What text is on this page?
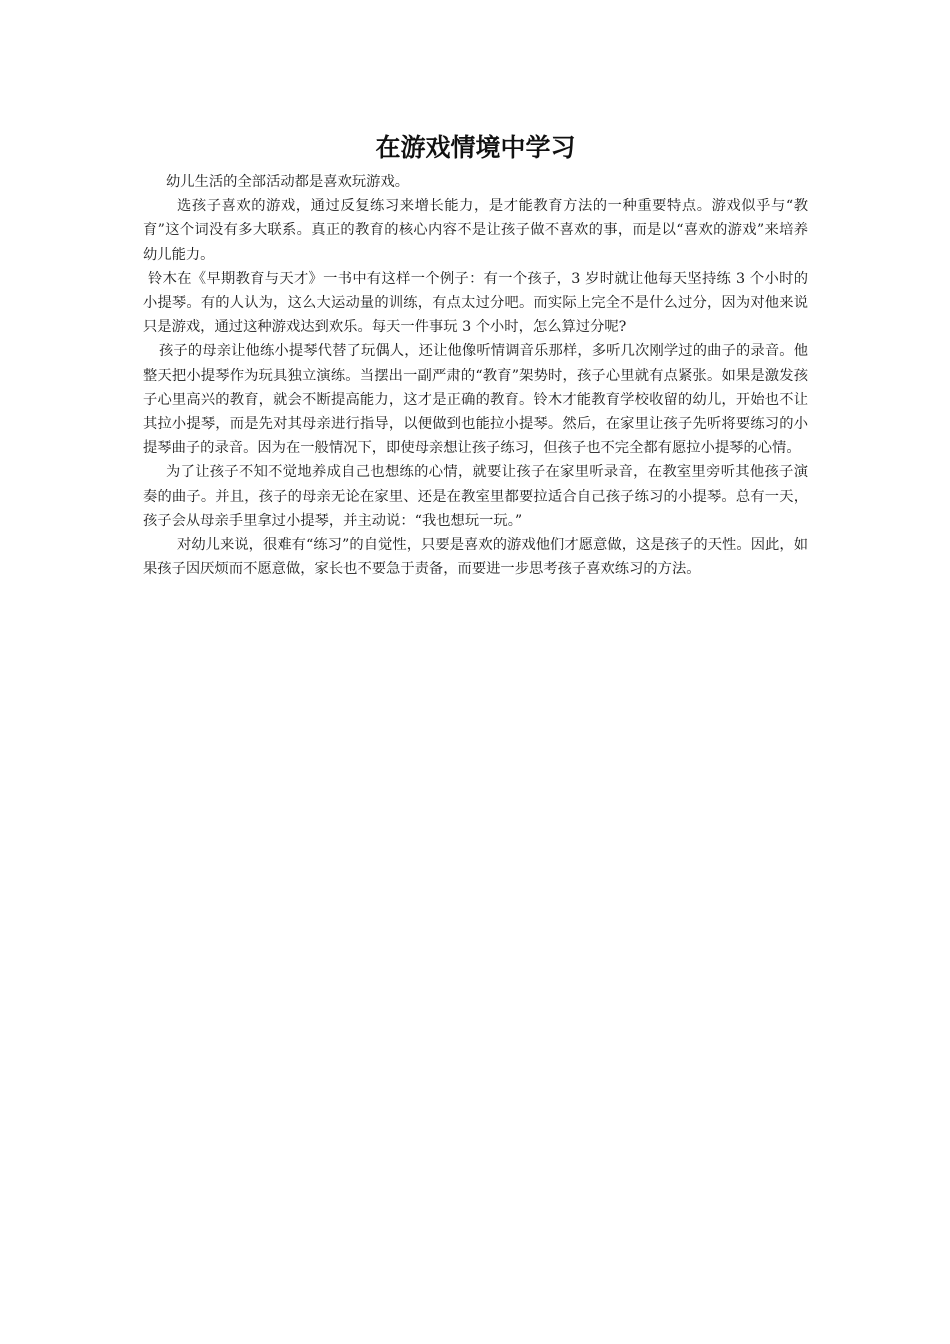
在游戏情境中学习

幼儿生活的全部活动都是喜欢玩游戏。

选孩子喜欢的游戏，通过反复练习来增长能力，是才能教育方法的一种重要特点。游戏似乎与“教育”这个词没有多大联系。真正的教育的核心内容不是让孩子做不喜欢的事，而是以“喜欢的游戏”来培养幼儿能力。

铃木在《早期教育与天才》一书中有这样一个例子：有一个孩子，3 岁时就让他每天坚持练 3 个小时的小提琴。有的人认为，这么大运动量的训练，有点太过分吧。而实际上完全不是什么过分，因为对他来说只是游戏，通过这种游戏达到欢乐。每天一件事玩 3 个小时，怎么算过分呢?

孩子的母亲让他练小提琴代替了玩偶人，还让他像听情调音乐那样，多听几次刚学过的曲子的录音。他整天把小提琴作为玩具独立演练。当摆出一副严肃的“教育”架势时，孩子心里就有点紧张。如果是激发孩子心里高兴的教育，就会不断提高能力，这才是正确的教育。铃木才能教育学校收留的幼儿，开始也不让其拉小提琴，而是先对其母亲进行指导，以便做到也能拉小提琴。然后，在家里让孩子先听将要练习的小提琴曲子的录音。因为在一般情况下，即使母亲想让孩子练习，但孩子也不完全都有愿拉小提琴的心情。

为了让孩子不知不觉地养成自己也想练的心情，就要让孩子在家里听录音，在教室里旁听其他孩子演奏的曲子。并且，孩子的母亲无论在家里、还是在教室里都要拉适合自己孩子练习的小提琴。总有一天，孩子会从母亲手里拿过小提琴，并主动说：“我也想玩一玩。”

对幼儿来说，很难有“练习”的自觉性，只要是喜欢的游戏他们才愿意做，这是孩子的天性。因此，如果孩子因厌烦而不愿意做，家长也不要急于责备，而要进一步思考孩子喜欢练习的方法。
